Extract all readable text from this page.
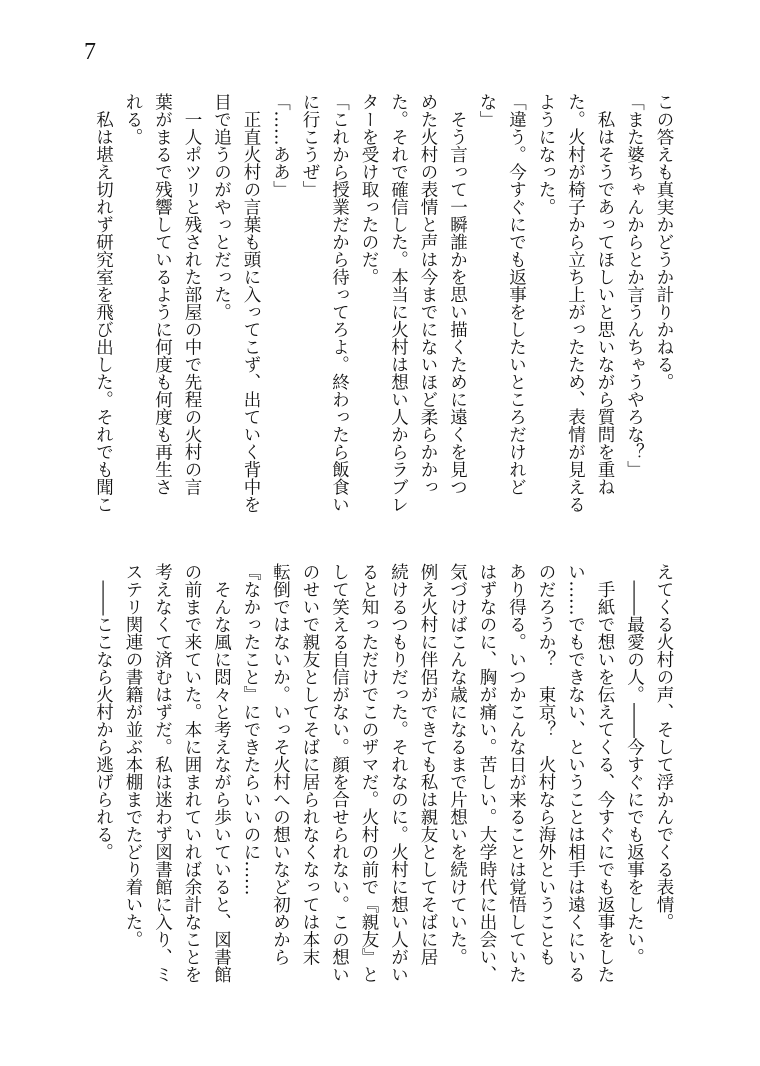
7
この答えも真実かどうか計りかねる。
「また婆ちゃんからとか言うんちゃうやろな？」
　私はそうであってほしいと思いながら質問を重ね
た。火村が椅子から立ち上がったため、表情が見える
ようになった。
「違う。今すぐにでも返事をしたいところだけれど
な」
　そう言って一瞬誰かを思い描くために遠くを見つ
めた火村の表情と声は今までにないほど柔らかかっ
た。それで確信した。本当に火村は想い人からラブレ
ターを受け取ったのだ。
「これから授業だから待ってろよ。終わったら飯食い
に行こうぜ」
「……ああ」
　正直火村の言葉も頭に入ってこず、出ていく背中を
目で追うのがやっとだった。
　一人ポツリと残された部屋の中で先程の火村の言
葉がまるで残響しているように何度も何度も再生さ
れる。
　私は堪え切れず研究室を飛び出した。それでも聞こ
えてくる火村の声、そして浮かんでくる表情。
　――最愛の人。――今すぐにでも返事をしたい。
　手紙で想いを伝えてくる、今すぐにでも返事をした
い……でもできない、ということは相手は遠くにいる
のだろうか？　東京？　火村なら海外ということも
あり得る。いつかこんな日が来ることは覚悟していた
はずなのに、胸が痛い。苦しい。大学時代に出会い、
気づけばこんな歳になるまで片想いを続けていた。
例え火村に伴侶ができても私は親友としてそばに居
続けるつもりだった。それなのに。火村に想い人がい
ると知っただけでこのザマだ。火村の前で『親友』と
して笑える自信がない。顔を合せられない。この想い
のせいで親友としてそばに居られなくなっては本末
転倒ではないか。いっそ火村への想いなど初めから
『なかったこと』にできたらいいのに……
　そんな風に悶々と考えながら歩いていると、図書館
の前まで来ていた。本に囲まれていれば余計なことを
考えなくて済むはずだ。私は迷わず図書館に入り、ミ
ステリ関連の書籍が並ぶ本棚までたどり着いた。
　――ここなら火村から逃げられる。
